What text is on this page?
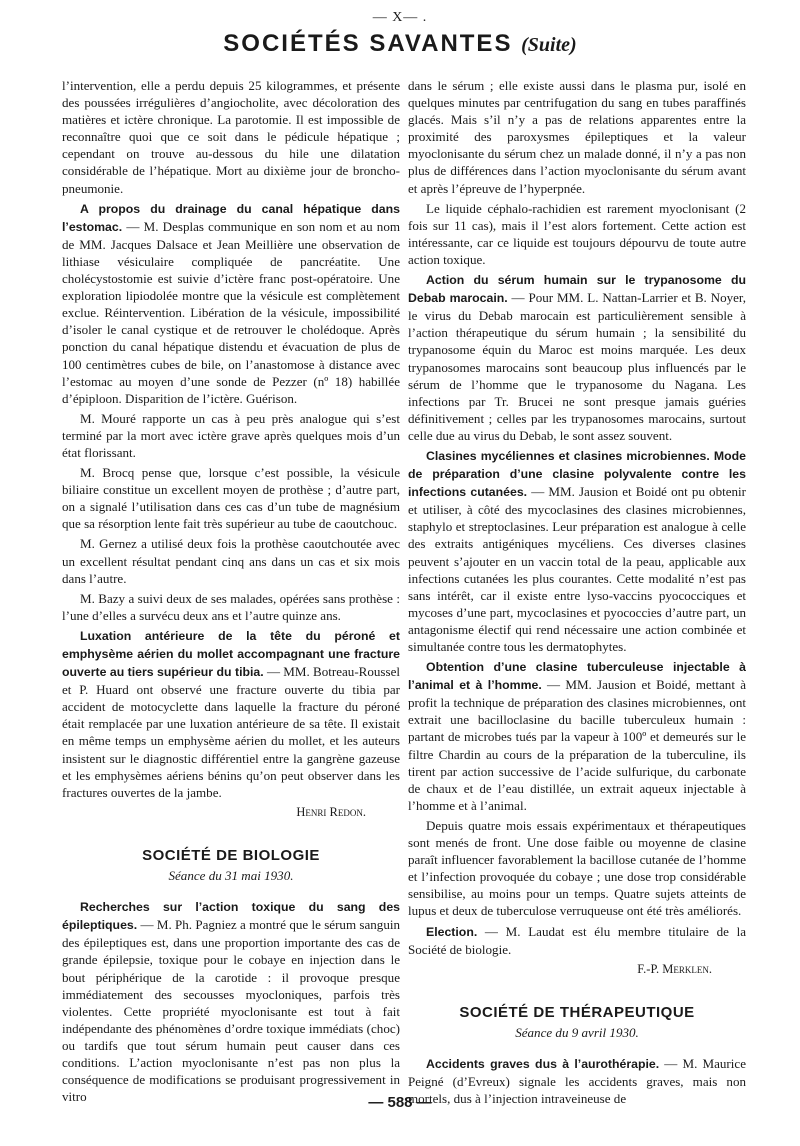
— X— .
SOCIÉTÉS SAVANTES (Suite)

l’intervention, elle a perdu depuis 25 kilogrammes, et présente des poussées irrégulières d’angiocholite, avec décoloration des matières et ictère chronique. La parotomie. Il est impossible de reconnaître quoi que ce soit dans le pédicule hépatique ; cependant on trouve au-dessous du hile une dilatation considérable de l’hépatique. Mort au dixième jour de broncho-pneumonie.

A propos du drainage du canal hépatique dans l’estomac. — M. Desplas communique en son nom et au nom de MM. Jacques Dalsace et Jean Meillière une observation de lithiase vésiculaire compliquée de pancréatite. Une cholécystostomie est suivie d’ictère franc post-opératoire. Une exploration lipiodolée montre que la vésicule est complètement exclue. Réintervention. Libération de la vésicule, impossibilité d’isoler le canal cystique et de retrouver le cholédoque. Après ponction du canal hépatique distendu et évacuation de plus de 100 centimètres cubes de bile, on l’anastomose à distance avec l’estomac au moyen d’une sonde de Pezzer (nº 18) habillée d’épiploon. Disparition de l’ictère. Guérison.

M. Mouré rapporte un cas à peu près analogue qui s’est terminé par la mort avec ictère grave après quelques mois d’un état florissant.

M. Brocq pense que, lorsque c’est possible, la vésicule biliaire constitue un excellent moyen de prothèse ; d’autre part, on a signalé l’utilisation dans ces cas d’un tube de magnésium que sa résorption lente fait très supérieur au tube de caoutchouc.

M. Gernez a utilisé deux fois la prothèse caoutchoutée avec un excellent résultat pendant cinq ans dans un cas et six mois dans l’autre.

M. Bazy a suivi deux de ses malades, opérées sans prothèse : l’une d’elles a survécu deux ans et l’autre quinze ans.

Luxation antérieure de la tête du péroné et emphysème aérien du mollet accompagnant une fracture ouverte au tiers supérieur du tibia. — MM. Botreau-Roussel et P. Huard ont observé une fracture ouverte du tibia par accident de motocyclette dans laquelle la fracture du péroné était remplacée par une luxation antérieure de sa tête. Il existait en même temps un emphysème aérien du mollet, et les auteurs insistent sur le diagnostic différentiel entre la gangrène gazeuse et les emphysèmes aériens bénins qu’on peut observer dans les fractures ouvertes de la jambe.

Henri Redon.

SOCIÉTÉ DE BIOLOGIE
Séance du 31 mai 1930.

Recherches sur l’action toxique du sang des épileptiques. — M. Ph. Pagniez a montré que le sérum sanguin des épileptiques est, dans une proportion importante des cas de grande épilepsie, toxique pour le cobaye en injection dans le bout périphérique de la carotide : il provoque presque immédiatement des secousses myocloniques, parfois très violentes. Cette propriété myoclonisante est tout à fait indépendante des phénomènes d’ordre toxique immédiats (choc) ou tardifs que tout sérum humain peut causer dans ces conditions. L’action myoclonisante n’est pas non plus la conséquence de modifications se produisant progressivement in vitro

dans le sérum ; elle existe aussi dans le plasma pur, isolé en quelques minutes par centrifugation du sang en tubes paraffinés glacés. Mais s’il n’y a pas de relations apparentes entre la proximité des paroxysmes épileptiques et la valeur myoclonisante du sérum chez un malade donné, il n’y a pas non plus de différences dans l’action myoclonisante du sérum avant et après l’épreuve de l’hyperpnée.

Le liquide céphalo-rachidien est rarement myoclonisant (2 fois sur 11 cas), mais il l’est alors fortement. Cette action est intéressante, car ce liquide est toujours dépourvu de toute autre action toxique.

Action du sérum humain sur le trypanosome du Debab marocain. — Pour MM. L. Nattan-Larrier et B. Noyer, le virus du Debab marocain est particulièrement sensible à l’action thérapeutique du sérum humain ; la sensibilité du trypanosome équin du Maroc est moins marquée. Les deux trypanosomes marocains sont beaucoup plus influencés par le sérum de l’homme que le trypanosome du Nagana. Les infections par Tr. Brucei ne sont presque jamais guéries définitivement ; celles par les trypanosomes marocains, surtout celle due au virus du Debab, le sont assez souvent.

Clasines mycéliennes et clasines microbiennes. Mode de préparation d’une clasine polyvalente contre les infections cutanées. — MM. Jausion et Boidé ont pu obtenir et utiliser, à côté des mycoclasines des clasines microbiennes, staphylo et streptoclasines. Leur préparation est analogue à celle des extraits antigéniques mycéliens. Ces diverses clasines peuvent s’ajouter en un vaccin total de la peau, applicable aux infections cutanées les plus courantes. Cette modalité n’est pas sans intérêt, car il existe entre lyso-vaccins pyococciques et mycoses d’une part, mycoclasines et pyococcies d’autre part, un antagonisme électif qui rend nécessaire une action combinée et simultanée contre tous les dermatophytes.

Obtention d’une clasine tuberculeuse injectable à l’animal et à l’homme. — MM. Jausion et Boidé, mettant à profit la technique de préparation des clasines microbiennes, ont extrait une bacilloclasine du bacille tuberculeux humain : partant de microbes tués par la vapeur à 100º et demeurés sur le filtre Chardin au cours de la préparation de la tuberculine, ils tirent par action successive de l’acide sulfurique, du carbonate de chaux et de l’eau distillée, un extrait aqueux injectable à l’homme et à l’animal.

Depuis quatre mois essais expérimentaux et thérapeutiques sont menés de front. Une dose faible ou moyenne de clasine paraît influencer favorablement la bacillose cutanée de l’homme et l’infection provoquée du cobaye ; une dose trop considérable sensibilise, au moins pour un temps. Quatre sujets atteints de lupus et deux de tuberculose verruqueuse ont été très améliorés.

Election. — M. Laudat est élu membre titulaire de la Société de biologie.

F.-P. Merklen.

SOCIÉTÉ DE THÉRAPEUTIQUE
Séance du 9 avril 1930.

Accidents graves dus à l’aurothérapie. — M. Maurice Peigné (d’Evreux) signale les accidents graves, mais non mortels, dus à l’injection intraveineuse de

— 588 —
